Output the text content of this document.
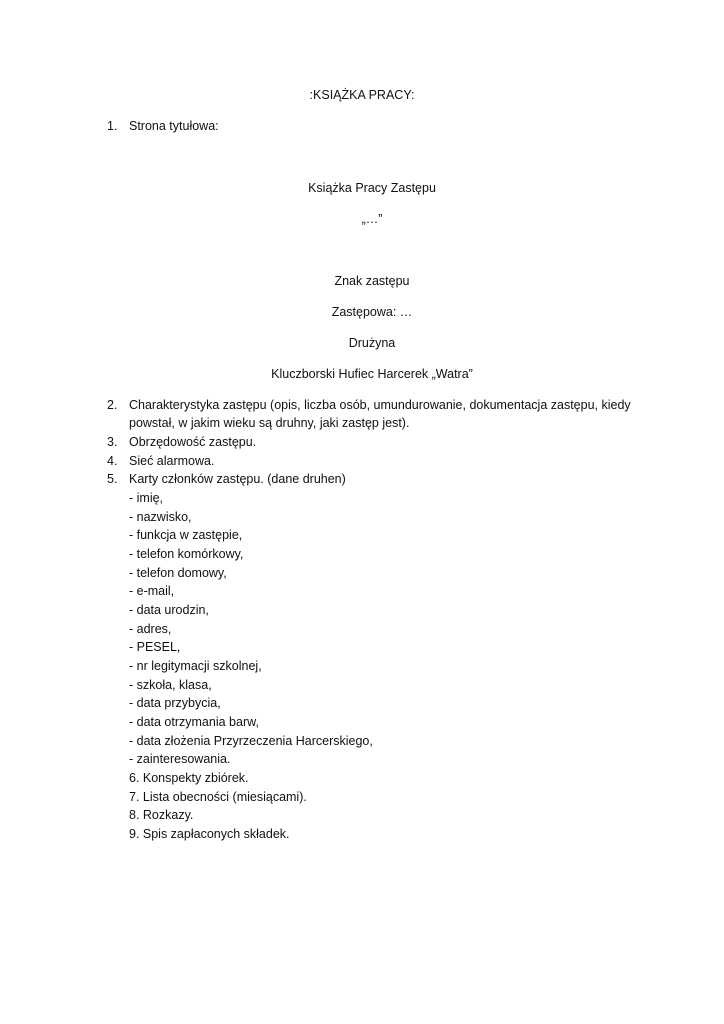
:KSIĄŻKA PRACY:
1. Strona tytułowa:
Książka Pracy Zastępu
„…”
Znak zastępu
Zastępowa: …
Drużyna
Kluczborski Hufiec Harcerek „Watra”
2. Charakterystyka zastępu (opis, liczba osób, umundurowanie, dokumentacja zastępu, kiedy
powstał, w jakim wieku są druhny, jaki zastęp jest).
3. Obrzędowość zastępu.
4. Sieć alarmowa.
5. Karty członków zastępu. (dane druhen)
- imię,
- nazwisko,
- funkcja w zastępie,
- telefon komórkowy,
- telefon domowy,
- e-mail,
- data urodzin,
- adres,
- PESEL,
- nr legitymacji szkolnej,
- szkoła, klasa,
- data przybycia,
- data otrzymania barw,
- data złożenia Przyrzeczenia Harcerskiego,
- zainteresowania.
6. Konspekty zbiórek.
7. Lista obecności (miesiącami).
8. Rozkazy.
9. Spis zapłaconych składek.
